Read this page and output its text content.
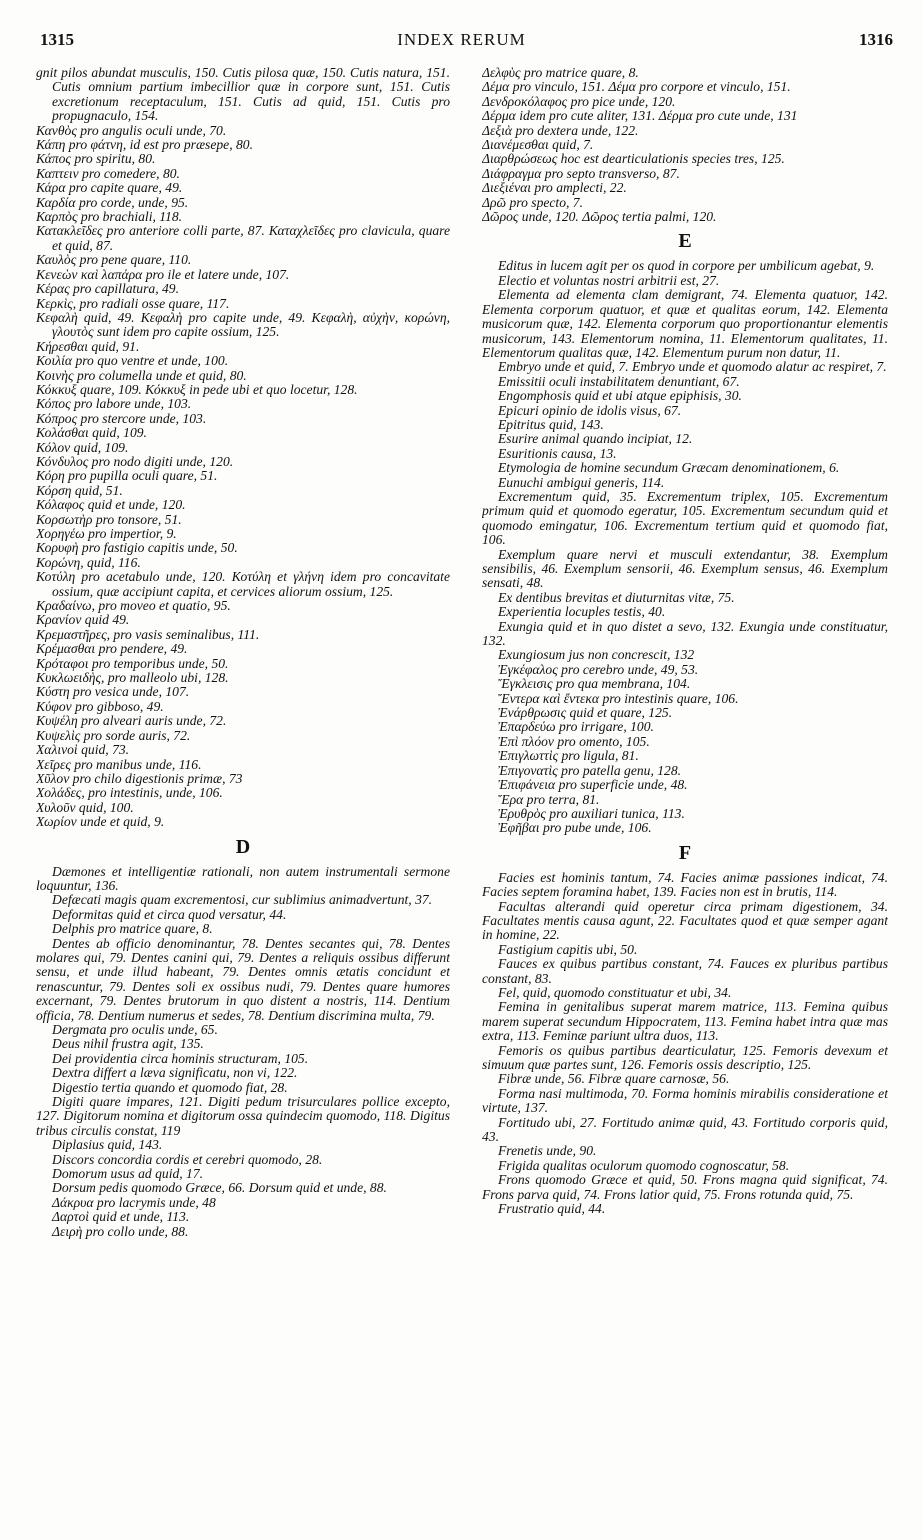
1315	INDEX RERUM	1316

gnit pilos abundat musculis, 150. Cutis pilosa quæ, 150. Cutis natura, 151. Cutis omnium partium imbecillior quæ in corpore sunt, 151. Cutis excretionum receptaculum, 151. Cutis ad quid, 151. Cutis pro propugnaculo, 154.

Κανθὸς pro angulis oculi unde, 70.

Κάπη pro φάτνη, id est pro præsepe, 80.

Κάπος pro spiritu, 80.

Καπτειν pro comedere, 80.

Κάρα pro capite quare, 49.

Καρδία pro corde, unde, 95.

Καρπὸς pro brachiali, 118.

Κατακλεῖδες pro anteriore colli parte, 87. Καταχλεῖδες pro clavicula, quare et quid, 87.

Καυλὸς pro pene quare, 110.

Κενεὼν καὶ λαπάρα pro ile et latere unde, 107.

Κέρας pro capillatura, 49.

Κερκὶς, pro radiali osse quare, 117.

Κεφαλὴ quid, 49. Κεφαλὴ pro capite unde, 49. Κεφαλὴ, αὐχὴν, κορώνη, γλουτὸς sunt idem pro capite ossium, 125.

Κήρεσθαι quid, 91.

Κοιλία pro quo ventre et unde, 100.

Κοινὴς pro columella unde et quid, 80.

Κόκκυξ quare, 109. Κόκκυξ in pede ubi et quo locetur, 128.

Κόπος pro labore unde, 103.

Κόπρος pro stercore unde, 103.

Κολάσθαι quid, 109.

Κόλον quid, 109.

Κόνδυλος pro nodo digiti unde, 120.

Κόρη pro pupilla oculi quare, 51.

Κόρση quid, 51.

Κόλαφος quid et unde, 120.

Κορσωτὴρ pro tonsore, 51.

Χορηγέω pro impertior, 9.

Κορυφὴ pro fastigio capitis unde, 50.

Κορώνη, quid, 116.

Κοτύλη pro acetabulo unde, 120. Κοτύλη et γλήνη idem pro concavitate ossium, quæ accipiunt capita, et cervices aliorum ossium, 125.

Κραδαίνω, pro moveo et quatio, 95.

Κρανίον quid 49.

Κρεμαστῆρες, pro vasis seminalibus, 111.

Κρέμασθαι pro pendere, 49.

Κρόταφοι pro temporibus unde, 50.

Κυκλωειδὴς, pro malleolo ubi, 128.

Κύστη pro vesica unde, 107.

Κύφον pro gibboso, 49.

Κυψέλη pro alveari auris unde, 72.

Κυψελὶς pro sorde auris, 72.

Χαλινοὶ quid, 73.

Χεῖρες pro manibus unde, 116.

Χῦλον pro chilo digestionis primæ, 73

Χολάδες, pro intestinis, unde, 106.

Χυλοῦν quid, 100.

Χωρίον unde et quid, 9.

D

Dæmones et intelligentiæ rationali, non autem instrumentali sermone loquuntur, 136.

Defæcati magis quam excrementosi, cur sublimius animadvertunt, 37.

Deformitas quid et circa quod versatur, 44.

Delphis pro matrice quare, 8.

Dentes ab officio denominantur, 78. Dentes secantes qui, 78. Dentes molares qui, 79. Dentes canini qui, 79. Dentes a reliquis ossibus differunt sensu, et unde illud habeant, 79. Dentes omnis ætatis concidunt et renascuntur, 79. Dentes soli ex ossibus nudi, 79. Dentes quare humores excernant, 79. Dentes brutorum in quo distent a nostris, 114. Dentium officia, 78. Dentium numerus et sedes, 78. Dentium discrimina multa, 79.

Dergmata pro oculis unde, 65.

Deus nihil frustra agit, 135.

Dei providentia circa hominis structuram, 105.

Dextra differt a læva significatu, non vi, 122.

Digestio tertia quando et quomodo fiat, 28.

Digiti quare impares, 121. Digiti pedum trisurculares pollice excepto, 127. Digitorum nomina et digitorum ossa quindecim quomodo, 118. Digitus tribus circulis constat, 119

Diplasius quid, 143.

Discors concordia cordis et cerebri quomodo, 28.

Domorum usus ad quid, 17.

Dorsum pedis quomodo Græce, 66. Dorsum quid et unde, 88.

Δάκρυα pro lacrymis unde, 48

Δαρτοὶ quid et unde, 113.

Δειρὴ pro collo unde, 88.

Δελφὺς pro matrice quare, 8.

Δέμα pro vinculo, 151. Δέμα pro corpore et vinculo, 151.

Δενδροκόλαφος pro pice unde, 120.

Δέρμα idem pro cute aliter, 131. Δέρμα pro cute unde, 131

Δεξιὰ pro dextera unde, 122.

Διανέμεσθαι quid, 7.

Διαρθρώσεως hoc est dearticulationis species tres, 125.

Διάφραγμα pro septo transverso, 87.

Διεξιέναι pro amplecti, 22.

Δρῶ pro specto, 7.

Δῶρος unde, 120. Δῶρος tertia palmi, 120.

E

Editus in lucem agit per os quod in corpore per umbilicum agebat, 9.

Electio et voluntas nostri arbitrii est, 27.

Elementa ad elementa clam demigrant, 74. Elementa quatuor, 142. Elementa corporum quatuor, et quæ et qualitas eorum, 142. Elementa musicorum quæ, 142. Elementa corporum quo proportionantur elementis musicorum, 143. Elementorum nomina, 11. Elementorum qualitates, 11. Elementorum qualitas quæ, 142. Elementum purum non datur, 11.

Embryo unde et quid, 7. Embryo unde et quomodo alatur ac respiret, 7.

Emissitii oculi instabilitatem denuntiant, 67.

Engomphosis quid et ubi atque epiphisis, 30.

Epicuri opinio de idolis visus, 67.

Epitritus quid, 143.

Esurire animal quando incipiat, 12.

Esuritionis causa, 13.

Etymologia de homine secundum Græcam denominationem, 6.

Eunuchi ambigui generis, 114.

Excrementum quid, 35. Excrementum triplex, 105. Excrementum primum quid et quomodo egeratur, 105. Excrementum secundum quid et quomodo emingatur, 106. Excrementum tertium quid et quomodo fiat, 106.

Exemplum quare nervi et musculi extendantur, 38. Exemplum sensibilis, 46. Exemplum sensorii, 46. Exemplum sensus, 46. Exemplum sensati, 48.

Ex dentibus brevitas et diuturnitas vitæ, 75.

Experientia locuples testis, 40.

Exungia quid et in quo distet a sevo, 132. Exungia unde constituatur, 132.

Exungiosum jus non concrescit, 132

Ἐγκέφαλος pro cerebro unde, 49, 53.

Ἔγκλεισις pro qua membrana, 104.

Ἔντερα καὶ ἔντεκα pro intestinis quare, 106.

Ἐνάρθρωσις quid et quare, 125.

Ἐπαρδεύω pro irrigare, 100.

Ἐπὶ πλόον pro omento, 105.

Ἐπιγλωττὶς pro ligula, 81.

Ἐπιγονατὶς pro patella genu, 128.

Ἐπιφάνεια pro superficie unde, 48.

Ἔρα pro terra, 81.

Ἐρυθρὸς pro auxiliari tunica, 113.

Ἐφῆβαι pro pube unde, 106.

F

Facies est hominis tantum, 74. Facies animæ passiones indicat, 74. Facies septem foramina habet, 139. Facies non est in brutis, 114.

Facultas alterandi quid operetur circa primam digestionem, 34. Facultates mentis causa agunt, 22. Facultates quod et quæ semper agant in homine, 22.

Fastigium capitis ubi, 50.

Fauces ex quibus partibus constant, 74. Fauces ex pluribus partibus constant, 83.

Fel, quid, quomodo constituatur et ubi, 34.

Femina in genitalibus superat marem matrice, 113. Femina quibus marem superat secundum Hippocratem, 113. Femina habet intra quæ mas extra, 113. Feminæ pariunt ultra duos, 113.

Femoris os quibus partibus dearticulatur, 125. Femoris devexum et simuum quæ partes sunt, 126. Femoris ossis descriptio, 125.

Fibræ unde, 56. Fibræ quare carnosæ, 56.

Forma nasi multimoda, 70. Forma hominis mirabilis consideratione et virtute, 137.

Fortitudo ubi, 27. Fortitudo animæ quid, 43. Fortitudo corporis quid, 43.

Frenetis unde, 90.

Frigida qualitas oculorum quomodo cognoscatur, 58.

Frons quomodo Græce et quid, 50. Frons magna quid significat, 74. Frons parva quid, 74. Frons latior quid, 75. Frons rotunda quid, 75.

Frustratio quid, 44.
